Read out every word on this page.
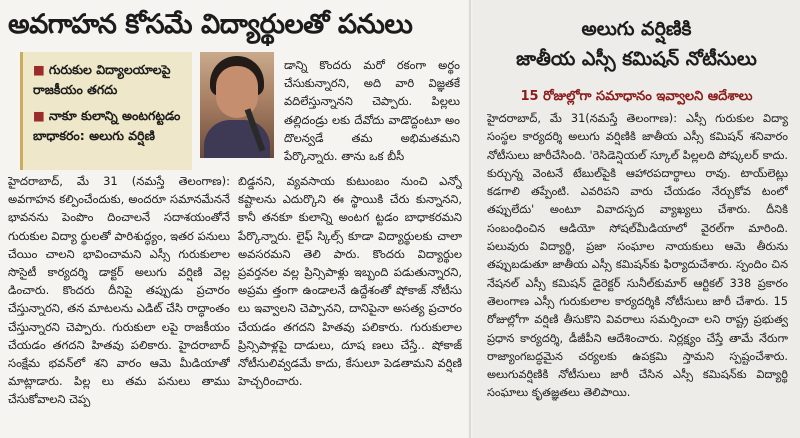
అవగాహన కోసమే విద్యార్థులతో పనులు
■ గురుకుల విద్యాలయాలపై రాజకీయం తగదు
■ నాకూ కులాన్ని అంటగట్టడం బాధాకరం: అలుగు వర్షిణి
డాన్ని కొందరు మరో రకంగా అర్థం చేసుకున్నారని, అది వారి విజ్ఞతకే వదిలేస్తున్నానని చెప్పారు. పిల్లలు తల్లిదండ్రు లకు దేవోదు వాడొద్దంటూ అం దొలన్వడే తమ అభిమతమని పేర్కొన్నారు. తాను ఒక బీసీ
హైదరాబాద్, మే 31 (నమస్తే తెలంగాణ): అవగాహన కల్పించేందుకు, అందరూ సమానమేననే భావనను పెంపొం దించాలనే సదాశయంతోనే గురుకుల విద్యా ర్థులతో పారిశుద్ధ్యం, ఇతర పనులు చేయిం చాలని భావించామని ఎస్సీ గురుకులాల సొసైటీ కార్యదర్శి డాక్టర్ అలుగు వర్షిణి వెల్ల డించారు. కొందరు దీనిపై తప్పుడు ప్రచారం చేస్తున్నారని, తన మాటలను ఎడిట్ చేసి రాద్ధాంతం చేస్తున్నారని చెప్పారు. గురుకులా లపై రాజకీయం చేయడం తగదని హితవు పలికారు. హైదరాబాద్ సంక్షేమ భవన్‌లో శని వారం ఆమె మీడియాతో మాట్లాడారు. పిల్ల లు తమ పనులు తాము చేసుకోవాలని చెప్ప
బిడ్డనని, వ్యవసాయ కుటుంబం నుంచి ఎన్నో కష్టాలను ఎదుర్కొని ఈ స్థాయికి చేరు కున్నానని, కానీ తనకూ కులాన్ని అంటగ ట్టడం బాధాకరమని పేర్కొన్నారు. లైఫ్ స్కిల్స్ కూడా విద్యార్థులకు చాలా అవసరమని తెలి పారు. కొందరు విద్యార్థుల ప్రవర్తనల వల్ల ప్రిన్సిపాళ్లు ఇబ్బంది పడుతున్నారని, అప్రమ త్తంగా ఉండాలనే ఉద్దేశంతో షోకాజ్ నోటీసు లు ఇవ్వాలని చెప్పానని, దానిపైనా అసత్య ప్రచారం చేయడం తగదని హితవు పలికారు. గురుకులాల ప్రిన్సిపాళ్లపై దాడులు, దూష ణలు చేస్తే.. షోకాజ్ నోటీసులివ్వడమే కాదు, కేసులూ పెడతామని వర్షిణి హెచ్చరించారు.
అలుగు వర్షిణికి
జాతీయ ఎస్సీ కమిషన్ నోటీసులు
15 రోజుల్లోగా సమాధానం ఇవ్వాలని ఆదేశాలు
హైదరాబాద్, మే 31(నమస్తే తెలంగాణ): ఎస్సీ గురుకుల విద్యా సంస్థల కార్యదర్శి అలుగు వర్షిణికి జాతీయ ఎస్సీ కమిషన్ శనివారం నోటీసులు జారీచేసింది. 'రెసిడెన్షియల్ స్కూల్ పిల్లలది పోష్కలర్ కాదు. కుర్చున్న వెంటనే టేబుల్‌పైకి ఆహారపదార్థాలు రావు. టాయ్‌లెట్లు కడగాలి తప్పేంటి. ఎవరిపని వారు చేయడం నేర్చుకోవ టంలో తప్పులేదు' అంటూ వివాదస్పద వ్యాఖ్యలు చేశారు. దీనికి సంబంధించిన ఆడియో సోషల్‌మీడియాలో వైరల్‌గా మారింది. పలువురు విద్యార్థి, ప్రజా సంఘాల నాయకులు ఆమె తీరును తప్పుబడుతూ జాతీయ ఎస్సీ కమిషన్‌కు ఫిర్యాదుచేశారు. స్పందిం చిన నేషనల్ ఎస్సీ కమిషన్ డైరెక్టర్ సునీల్‌కుమార్ ఆర్టికల్ 338 ప్రకారం తెలంగాణ ఎస్సీ గురుకులాల కార్యదర్శికి నోటీసులు జారీ చేశారు. 15 రోజుల్లోగా వర్షిణి తీసుకొని వివరాలు సమర్పించా లని రాష్ట్ర ప్రభుత్వ ప్రధాన కార్యదర్శి, డీజీపీని ఆదేశించారు. నిర్లక్ష్యం చేస్తే తామే నేరుగా రాజ్యాంగబద్ధమైన చర్యలకు ఉపక్రమి స్తామని స్పష్టంచేశారు. అలుగువర్షిణికి నోటీసులు జారీ చేసిన ఎస్సీ కమిషన్‌కు విద్యార్థి సంఘాలు కృతజ్ఞతలు తెలిపాయి.
